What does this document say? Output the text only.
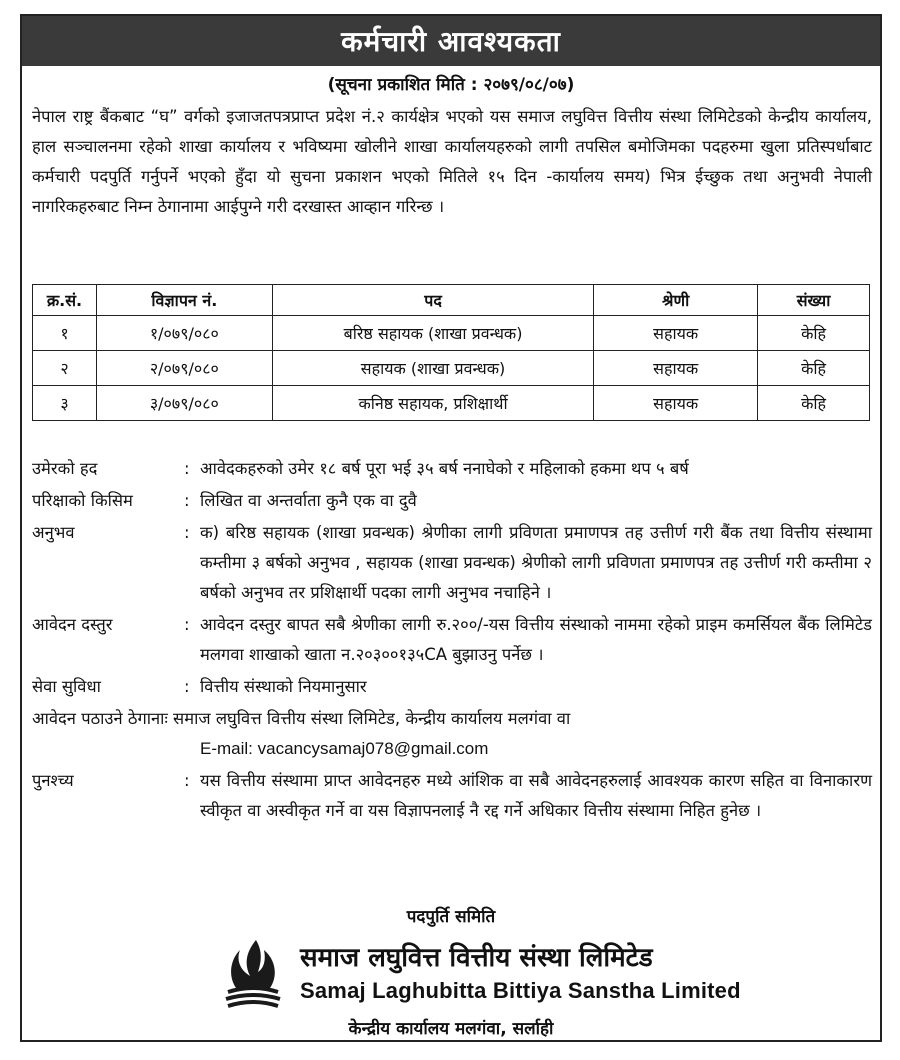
कर्मचारी आवश्यकता
(सूचना प्रकाशित मिति : २०७९/०८/०७)
नेपाल राष्ट्र बैंकबाट “घ” वर्गको इजाजतपत्रप्राप्त प्रदेश नं.२ कार्यक्षेत्र भएको यस समाज लघुवित्त वित्तीय संस्था लिमिटेडको केन्द्रीय कार्यालय, हाल सञ्चालनमा रहेको शाखा कार्यालय र भविष्यमा खोलीने शाखा कार्यालयहरुको लागी तपसिल बमोजिमका पदहरुमा खुला प्रतिस्पर्धाबाट कर्मचारी पदपुर्ति गर्नुपर्ने भएको हुँदा यो सुचना प्रकाशन भएको मितिले १५ दिन -कार्यालय समय) भित्र ईच्छुक तथा अनुभवी नेपाली नागरिकहरुबाट निम्न ठेगानामा आईपुग्ने गरी दरखास्त आव्हान गरिन्छ ।
क्र.सं.	विज्ञापन नं.	पद	श्रेणी	संख्या
१	१/०७९/०८०	बरिष्ठ सहायक (शाखा प्रवन्धक)	सहायक	केहि
२	२/०७९/०८०	सहायक (शाखा प्रवन्धक)	सहायक	केहि
३	३/०७९/०८०	कनिष्ठ सहायक, प्रशिक्षार्थी	सहायक	केहि
उमेरको हद	: आवेदकहरुको उमेर १८ बर्ष पूरा भई ३५ बर्ष ननाघेको र महिलाको हकमा थप ५ बर्ष
परिक्षाको किसिम	: लिखित वा अन्तर्वाता कुनै एक वा दुवै
अनुभव	: क) बरिष्ठ सहायक (शाखा प्रवन्धक) श्रेणीका लागी प्रविणता प्रमाणपत्र तह उत्तीर्ण गरी बैंक तथा वित्तीय संस्थामा कम्तीमा ३ बर्षको अनुभव , सहायक (शाखा प्रवन्धक) श्रेणीको लागी प्रविणता प्रमाणपत्र तह उत्तीर्ण गरी कम्तीमा २ बर्षको अनुभव तर प्रशिक्षार्थी पदका लागी अनुभव नचाहिने ।
आवेदन दस्तुर	: आवेदन दस्तुर बापत सबै श्रेणीका लागी रु.२००/-यस वित्तीय संस्थाको नाममा रहेको प्राइम कमर्सियल बैंक लिमिटेड मलगवा शाखाको खाता न.२०३००१३५CA बुझाउनु पर्नेछ ।
सेवा सुविधा	: वित्तीय संस्थाको नियमानुसार
आवेदन पठाउने ठेगानाः समाज लघुवित्त वित्तीय संस्था लिमिटेड, केन्द्रीय कार्यालय मलगंवा वा
E-mail: vacancysamaj078@gmail.com
पुनश्च्य	: यस वित्तीय संस्थामा प्राप्त आवेदनहरु मध्ये आंशिक वा सबै आवेदनहरुलाई आवश्यक कारण सहित वा विनाकारण स्वीकृत वा अस्वीकृत गर्ने वा यस विज्ञापनलाई नै रद्द गर्ने अधिकार वित्तीय संस्थामा निहित हुनेछ ।
पदपुर्ति समिति
समाज लघुवित्त वित्तीय संस्था लिमिटेड
Samaj Laghubitta Bittiya Sanstha Limited
केन्द्रीय कार्यालय मलगंवा, सर्लाही
